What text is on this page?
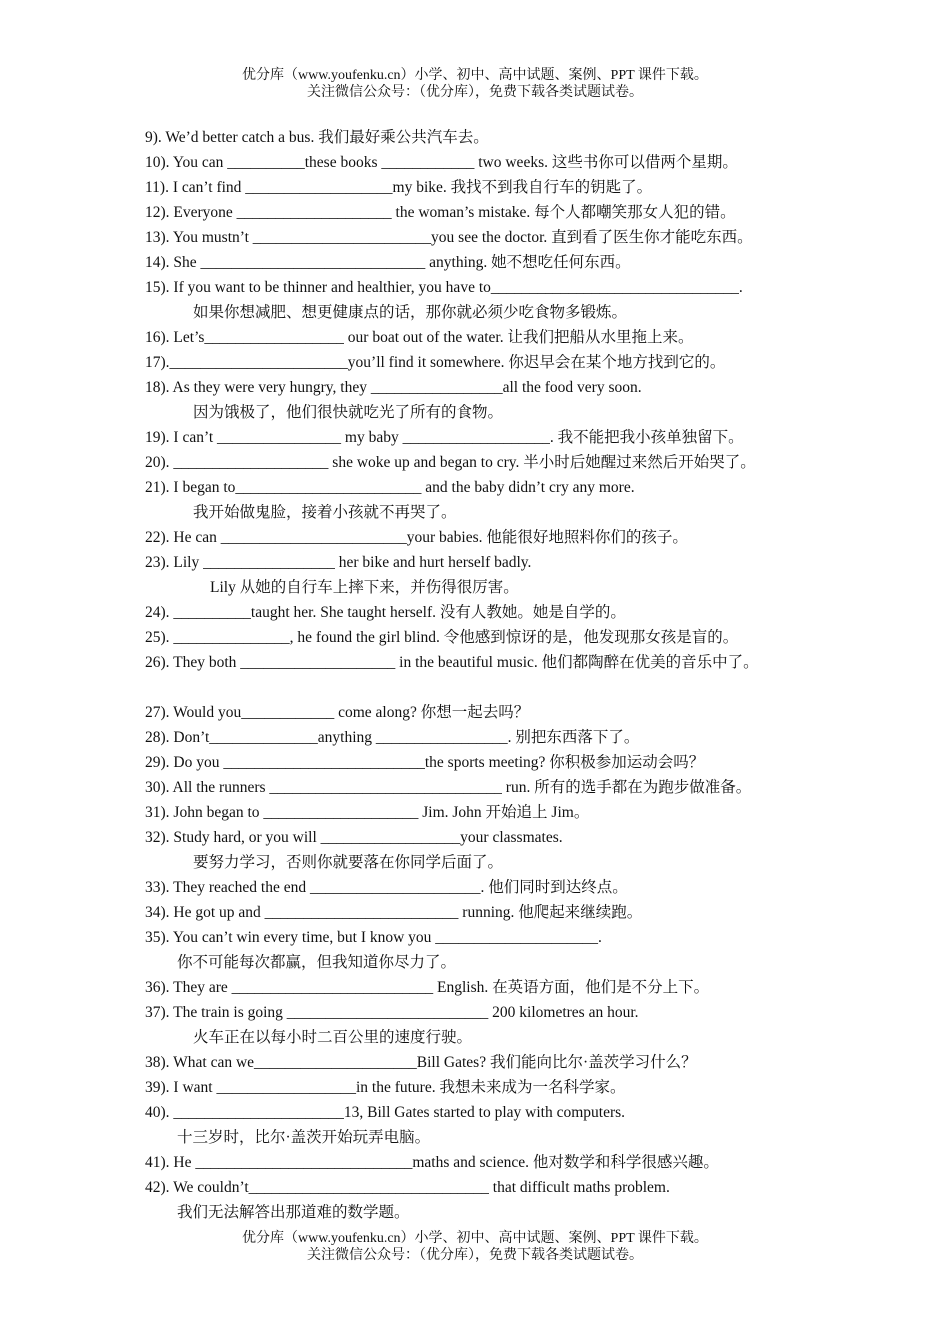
优分库（www.youfenku.cn）小学、初中、高中试题、案例、PPT 课件下载。
关注微信公众号：（优分库），免费下载各类试题试卷。
9). We’d better catch a bus. 我们最好乘公共汽车去。
10). You can __________these books ____________ two weeks. 这些书你可以借两个星期。
11). I can’t find ___________________my bike. 我找不到我自行车的钥匙了。
12). Everyone ____________________ the woman’s mistake. 每个人都嘲笑那女人犯的错。
13). You mustn’t _______________________you see the doctor. 直到看了医生你才能吃东西。
14). She _____________________________ anything. 她不想吃任何东西。
15). If you want to be thinner and healthier, you have to________________________________.
如果你想减肥、想更健康点的话，那你就必须少吃食物多锻炼。
16). Let’s__________________ our boat out of the water. 让我们把船从水里拖上来。
17)._______________________you’ll find it somewhere. 你迟早会在某个地方找到它的。
18). As they were very hungry, they _________________all the food very soon.
因为饿极了，他们很快就吃光了所有的食物。
19). I can’t ________________ my baby ___________________. 我不能把我小孩单独留下。
20). ____________________ she woke up and began to cry. 半小时后她醒过来然后开始哭了。
21). I began to________________________ and the baby didn’t cry any more.
我开始做鬼脸，接着小孩就不再哭了。
22). He can ________________________your babies. 他能很好地照料你们的孩子。
23). Lily _________________ her bike and hurt herself badly.
Lily 从她的自行车上摔下来，并伤得很厉害。
24). __________taught her. She taught herself. 没有人教她。她是自学的。
25). _______________, he found the girl blind. 令他感到惊讶的是，他发现那女孩是盲的。
26). They both ____________________ in the beautiful music. 他们都陶醉在优美的音乐中了。
27). Would you____________ come along? 你想一起去吗？
28). Don’t______________anything _________________. 别把东西落下了。
29). Do you __________________________the sports meeting? 你积极参加运动会吗？
30). All the runners ______________________________ run. 所有的选手都在为跑步做准备。
31). John began to ____________________ Jim. John 开始追上 Jim。
32). Study hard, or you will __________________your classmates.
要努力学习，否则你就要落在你同学后面了。
33). They reached the end ______________________. 他们同时到达终点。
34). He got up and _________________________ running. 他爬起来继续跑。
35). You can’t win every time, but I know you _____________________.
你不可能每次都赢，但我知道你尽力了。
36). They are __________________________ English. 在英语方面，他们是不分上下。
37). The train is going __________________________ 200 kilometres an hour.
火车正在以每小时二百公里的速度行驶。
38). What can we_____________________Bill Gates? 我们能向比尔·盖茨学习什么？
39). I want __________________in the future. 我想未来成为一名科学家。
40). ______________________13, Bill Gates started to play with computers.
十三岁时，比尔·盖茨开始玩弄电脑。
41). He ____________________________maths and science. 他对数学和科学很感兴趣。
42). We couldn’t_______________________________ that difficult maths problem.
我们无法解答出那道难的数学题。
优分库（www.youfenku.cn）小学、初中、高中试题、案例、PPT 课件下载。
关注微信公众号：（优分库），免费下载各类试题试卷。
